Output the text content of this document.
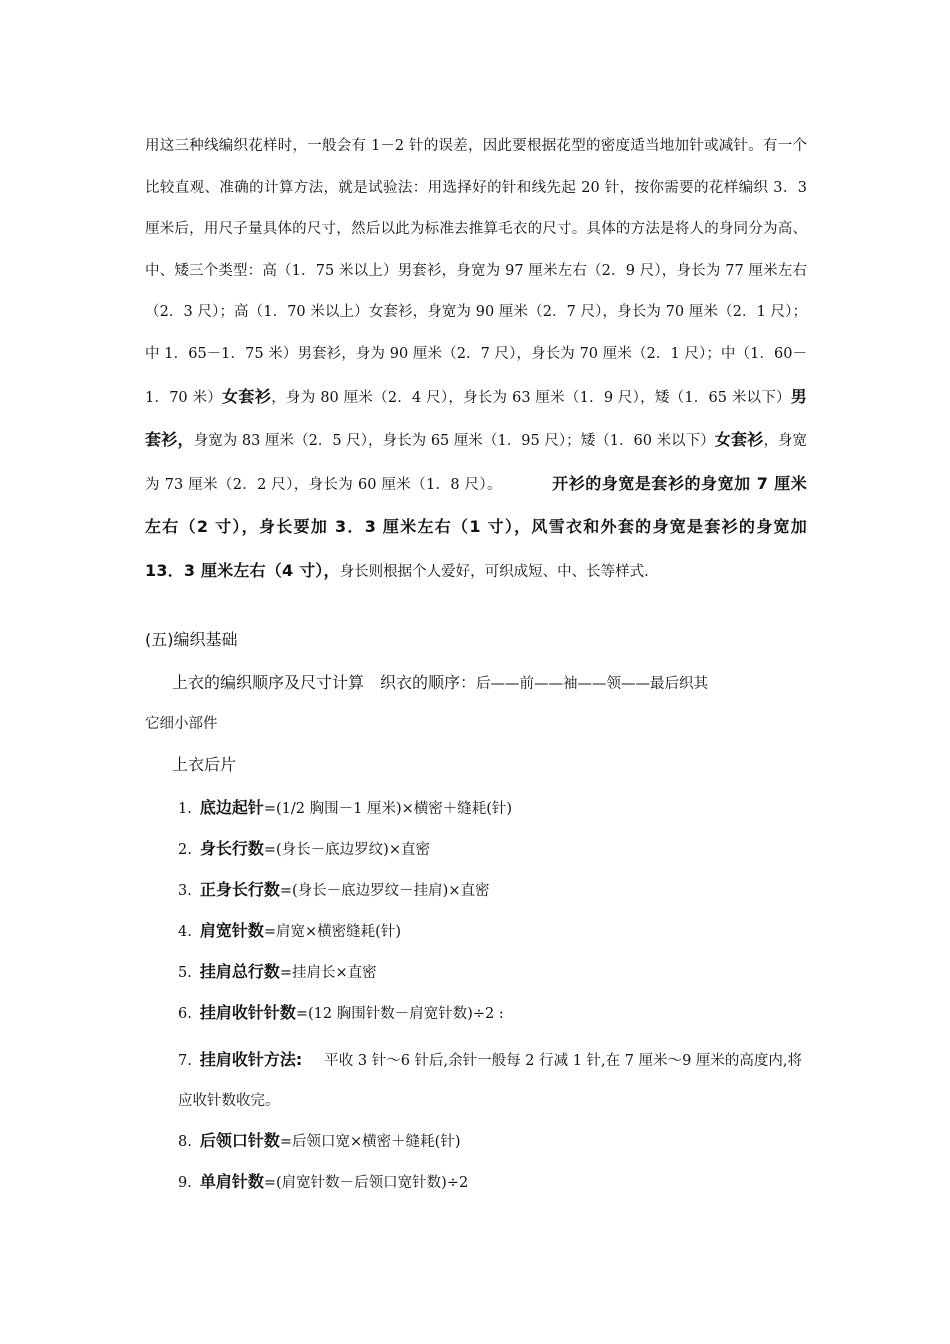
用这三种线编织花样时，一般会有 1－2 针的误差，因此要根据花型的密度适当地加针或减针。有一个比较直观、准确的计算方法，就是试验法：用选择好的针和线先起 20 针，按你需要的花样编织 3．3 厘米后，用尺子量具体的尺寸，然后以此为标准去推算毛衣的尺寸。具体的方法是将人的身同分为高、中、矮三个类型：高（1．75 米以上）男套衫，身宽为 97 厘米左右（2．9 尺），身长为 77 厘米左右（2．3 尺）；高（1．70 米以上）女套衫，身宽为 90 厘米（2．7 尺），身长为 70 厘米（2．1 尺）；中 1．65－1．75 米）男套衫，身为 90 厘米（2．7 尺），身长为 70 厘米（2．1 尺）；中（1．60－1．70 米）女套衫，身为 80 厘米（2．4 尺），身长为 63 厘米（1．9 尺），矮（1．65 米以下）男套衫，身宽为 83 厘米（2．5 尺），身长为 65 厘米（1．95 尺）；矮（1．60 米以下）女套衫，身宽为 73 厘米（2．2 尺），身长为 60 厘米（1．8 尺）。	开衫的身宽是套衫的身宽加 7 厘米左右（2 寸），身长要加 3．3 厘米左右（1 寸），风雪衣和外套的身宽是套衫的身宽加 13．3 厘米左右（4 寸），身长则根据个人爱好，可织成短、中、长等样式.

(五)编织基础

上衣的编织顺序及尺寸计算　织衣的顺序：后——前——袖——领——最后织其

它细小部件

上衣后片

1. 底边起针=(1/2 胸围－1 厘米)×横密＋缝耗(针)

2. 身长行数=(身长－底边罗纹)×直密

3. 正身长行数=(身长－底边罗纹－挂肩)×直密

4. 肩宽针数=肩宽×横密缝耗(针)

5. 挂肩总行数=挂肩长×直密

6. 挂肩收针针数=(12 胸围针数－肩宽针数)÷2 :

7. 挂肩收针方法: 平收 3 针～6 针后,余针一般每 2 行减 1 针,在 7 厘米～9 厘米的高度内,将应收针数收完。

8. 后领口针数=后领口宽×横密＋缝耗(针)

9. 单肩针数=(肩宽针数－后领口宽针数)÷2
